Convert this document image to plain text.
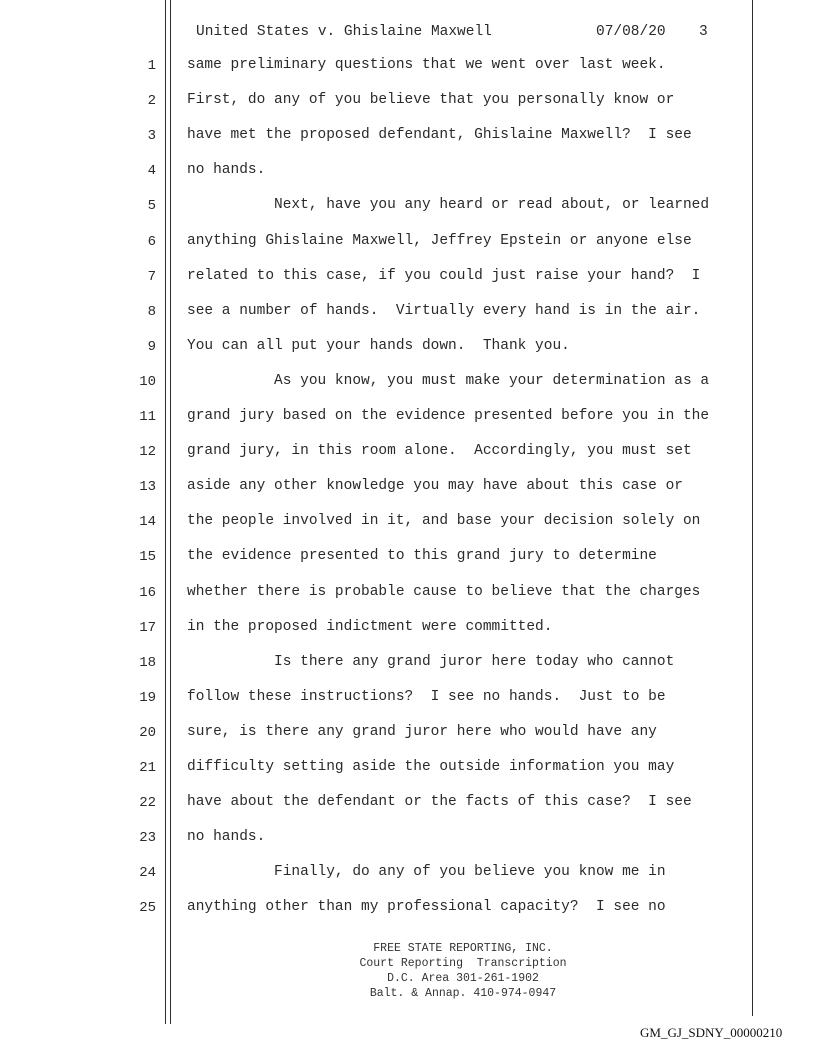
United States v. Ghislaine Maxwell	07/08/20 3
1 same preliminary questions that we went over last week.
2 First, do any of you believe that you personally know or
3 have met the proposed defendant, Ghislaine Maxwell?  I see
4 no hands.
5 Next, have you any heard or read about, or learned
6 anything Ghislaine Maxwell, Jeffrey Epstein or anyone else
7 related to this case, if you could just raise your hand?  I
8 see a number of hands.  Virtually every hand is in the air.
9 You can all put your hands down.  Thank you.
10 As you know, you must make your determination as a
11 grand jury based on the evidence presented before you in the
12 grand jury, in this room alone.  Accordingly, you must set
13 aside any other knowledge you may have about this case or
14 the people involved in it, and base your decision solely on
15 the evidence presented to this grand jury to determine
16 whether there is probable cause to believe that the charges
17 in the proposed indictment were committed.
18 Is there any grand juror here today who cannot
19 follow these instructions?  I see no hands.  Just to be
20 sure, is there any grand juror here who would have any
21 difficulty setting aside the outside information you may
22 have about the defendant or the facts of this case?  I see
23 no hands.
24 Finally, do any of you believe you know me in
25 anything other than my professional capacity?  I see no
FREE STATE REPORTING, INC.
Court Reporting  Transcription
D.C. Area 301-261-1902
Balt. & Annap. 410-974-0947
GM_GJ_SDNY_00000210
